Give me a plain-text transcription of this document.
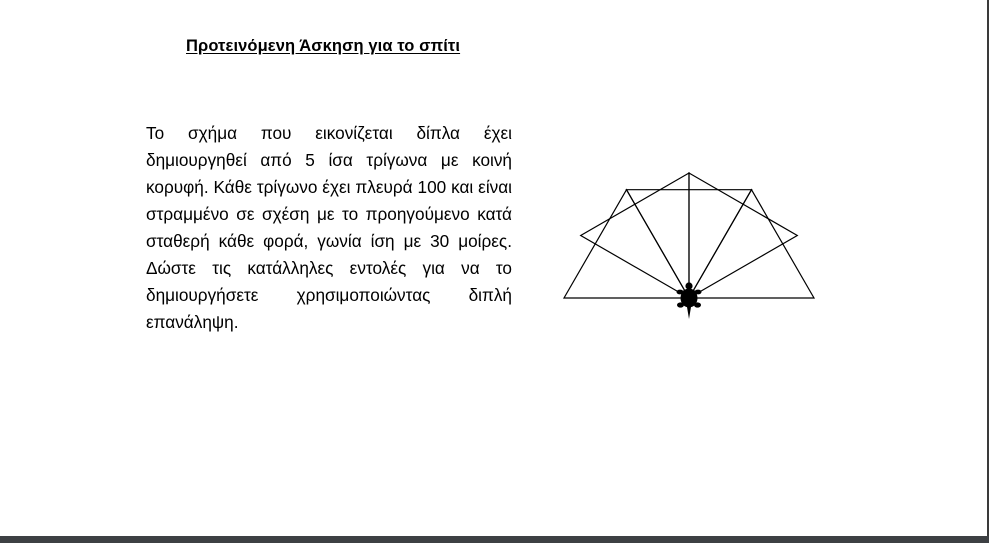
Προτεινόμενη Άσκηση για το σπίτι

Το σχήμα που εικονίζεται δίπλα έχει δημιουργηθεί από 5 ίσα τρίγωνα με κοινή κορυφή. Κάθε τρίγωνο έχει πλευρά 100 και είναι στραμμένο σε σχέση με το προηγούμενο κατά σταθερή κάθε φορά, γωνία ίση με 30 μοίρες. Δώστε τις κατάλληλες εντολές για να το δημιουργήσετε χρησιμοποιώντας διπλή επανάληψη.
